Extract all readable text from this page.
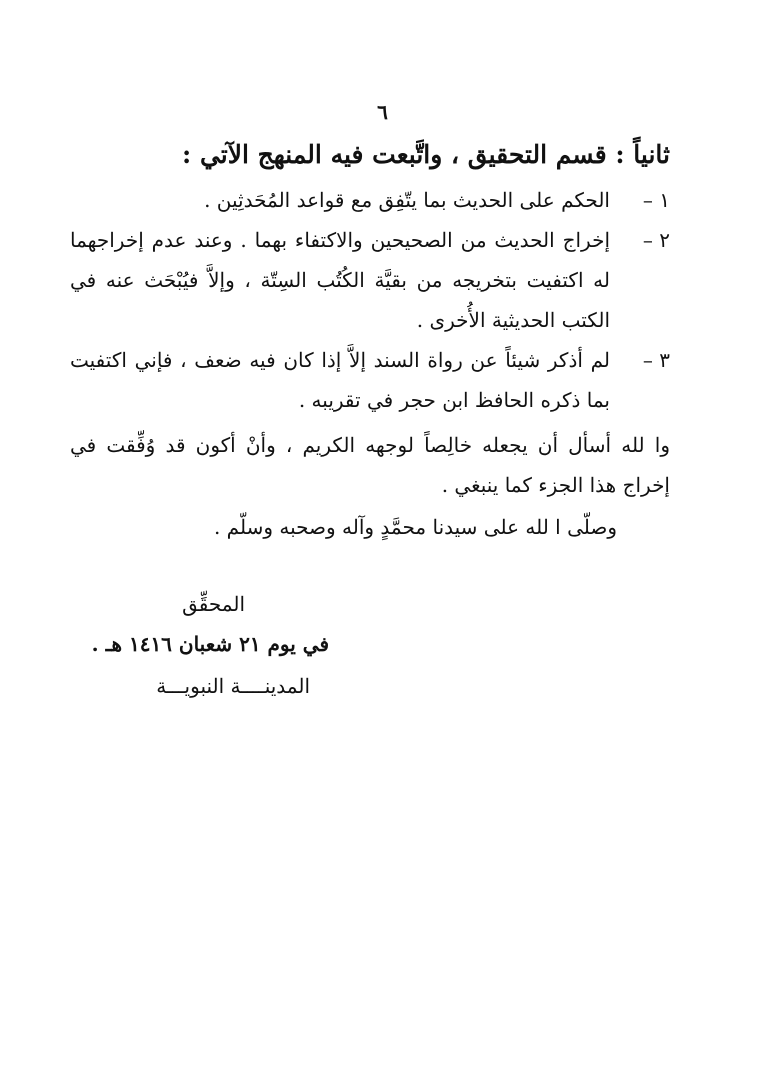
٦
ثانياً : قسم التحقيق ، واتَّبعت فيه المنهج الآتي :
١ –
الحكم على الحديث بما يتّفِق مع قواعد المُحَدثِين .
٢ –
إخراج الحديث من الصحيحين والاكتفاء بهما . وعند عدم إخراجهما له اكتفيت بتخريجه من بقيَّة الكُتُب السِتّة ، وإلاَّ فيُبْحَث عنه في الكتب الحديثية الأُخرى .
٣ –
لم أذكر شيئاً عن رواة السند إلاَّ إذا كان فيه ضعف ، فإني اكتفيت بما ذكره الحافظ ابن حجر في تقريبه .
وا لله أسأل أن يجعله خالِصاً لوجهه الكريم ، وأنْ أكون قد وُفِّقت في إخراج هذا الجزء كما ينبغي .
وصلّى ا لله على سيدنا محمَّدٍ وآله وصحبه وسلّم .
المحقِّق
في يوم ٢١ شعبان ١٤١٦ هـ .
المدينــــة النبويـــة
